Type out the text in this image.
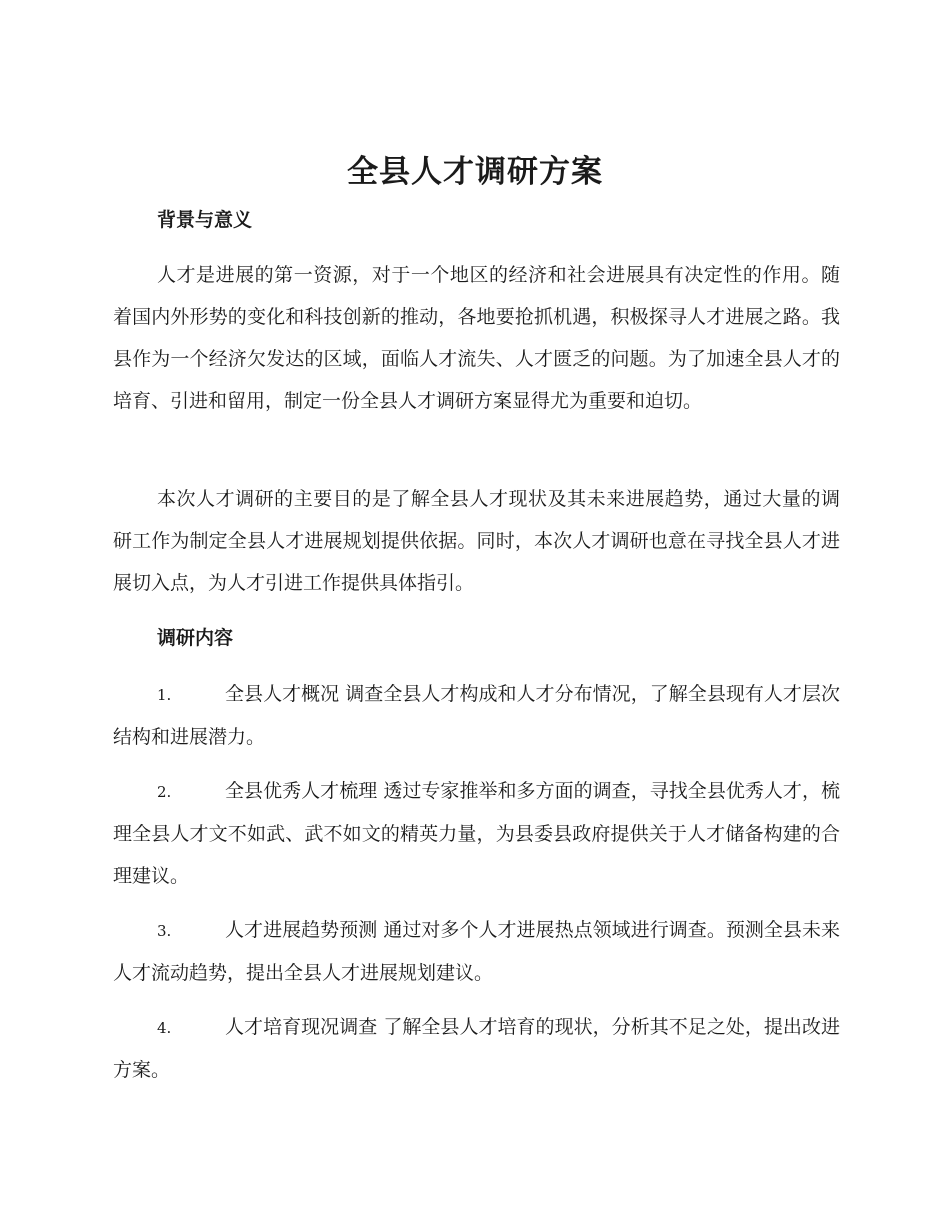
全县人才调研方案
背景与意义

人才是进展的第一资源，对于一个地区的经济和社会进展具有决定性的作用。随着国内外形势的变化和科技创新的推动，各地要抢抓机遇，积极探寻人才进展之路。我县作为一个经济欠发达的区域，面临人才流失、人才匮乏的问题。为了加速全县人才的培育、引进和留用，制定一份全县人才调研方案显得尤为重要和迫切。

本次人才调研的主要目的是了解全县人才现状及其未来进展趋势，通过大量的调研工作为制定全县人才进展规划提供依据。同时，本次人才调研也意在寻找全县人才进展切入点，为人才引进工作提供具体指引。

调研内容
1.	全县人才概况 调查全县人才构成和人才分布情况，了解全县现有人才层次结构和进展潜力。
2.	全县优秀人才梳理 透过专家推举和多方面的调查，寻找全县优秀人才，梳理全县人才文不如武、武不如文的精英力量，为县委县政府提供关于人才储备构建的合理建议。
3.	人才进展趋势预测 通过对多个人才进展热点领域进行调查。预测全县未来人才流动趋势，提出全县人才进展规划建议。
4.	人才培育现况调查 了解全县人才培育的现状，分析其不足之处，提出改进方案。
